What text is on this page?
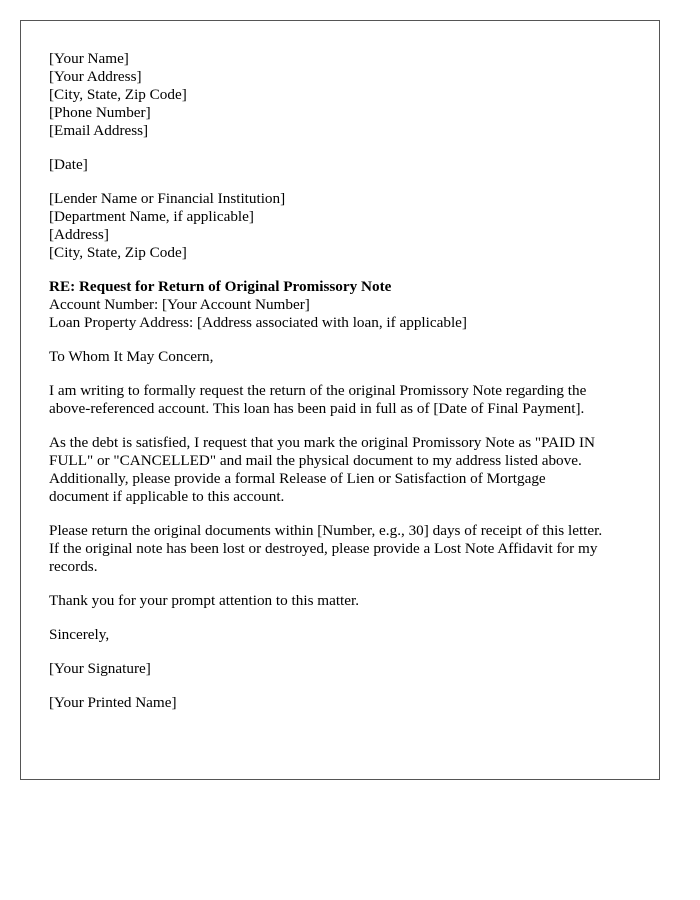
[Your Name]
[Your Address]
[City, State, Zip Code]
[Phone Number]
[Email Address]
[Date]
[Lender Name or Financial Institution]
[Department Name, if applicable]
[Address]
[City, State, Zip Code]
RE: Request for Return of Original Promissory Note
Account Number: [Your Account Number]
Loan Property Address: [Address associated with loan, if applicable]
To Whom It May Concern,
I am writing to formally request the return of the original Promissory Note regarding the
above-referenced account. This loan has been paid in full as of [Date of Final Payment].
As the debt is satisfied, I request that you mark the original Promissory Note as "PAID IN
FULL" or "CANCELLED" and mail the physical document to my address listed above.
Additionally, please provide a formal Release of Lien or Satisfaction of Mortgage
document if applicable to this account.
Please return the original documents within [Number, e.g., 30] days of receipt of this letter.
If the original note has been lost or destroyed, please provide a Lost Note Affidavit for my
records.
Thank you for your prompt attention to this matter.
Sincerely,
[Your Signature]
[Your Printed Name]
